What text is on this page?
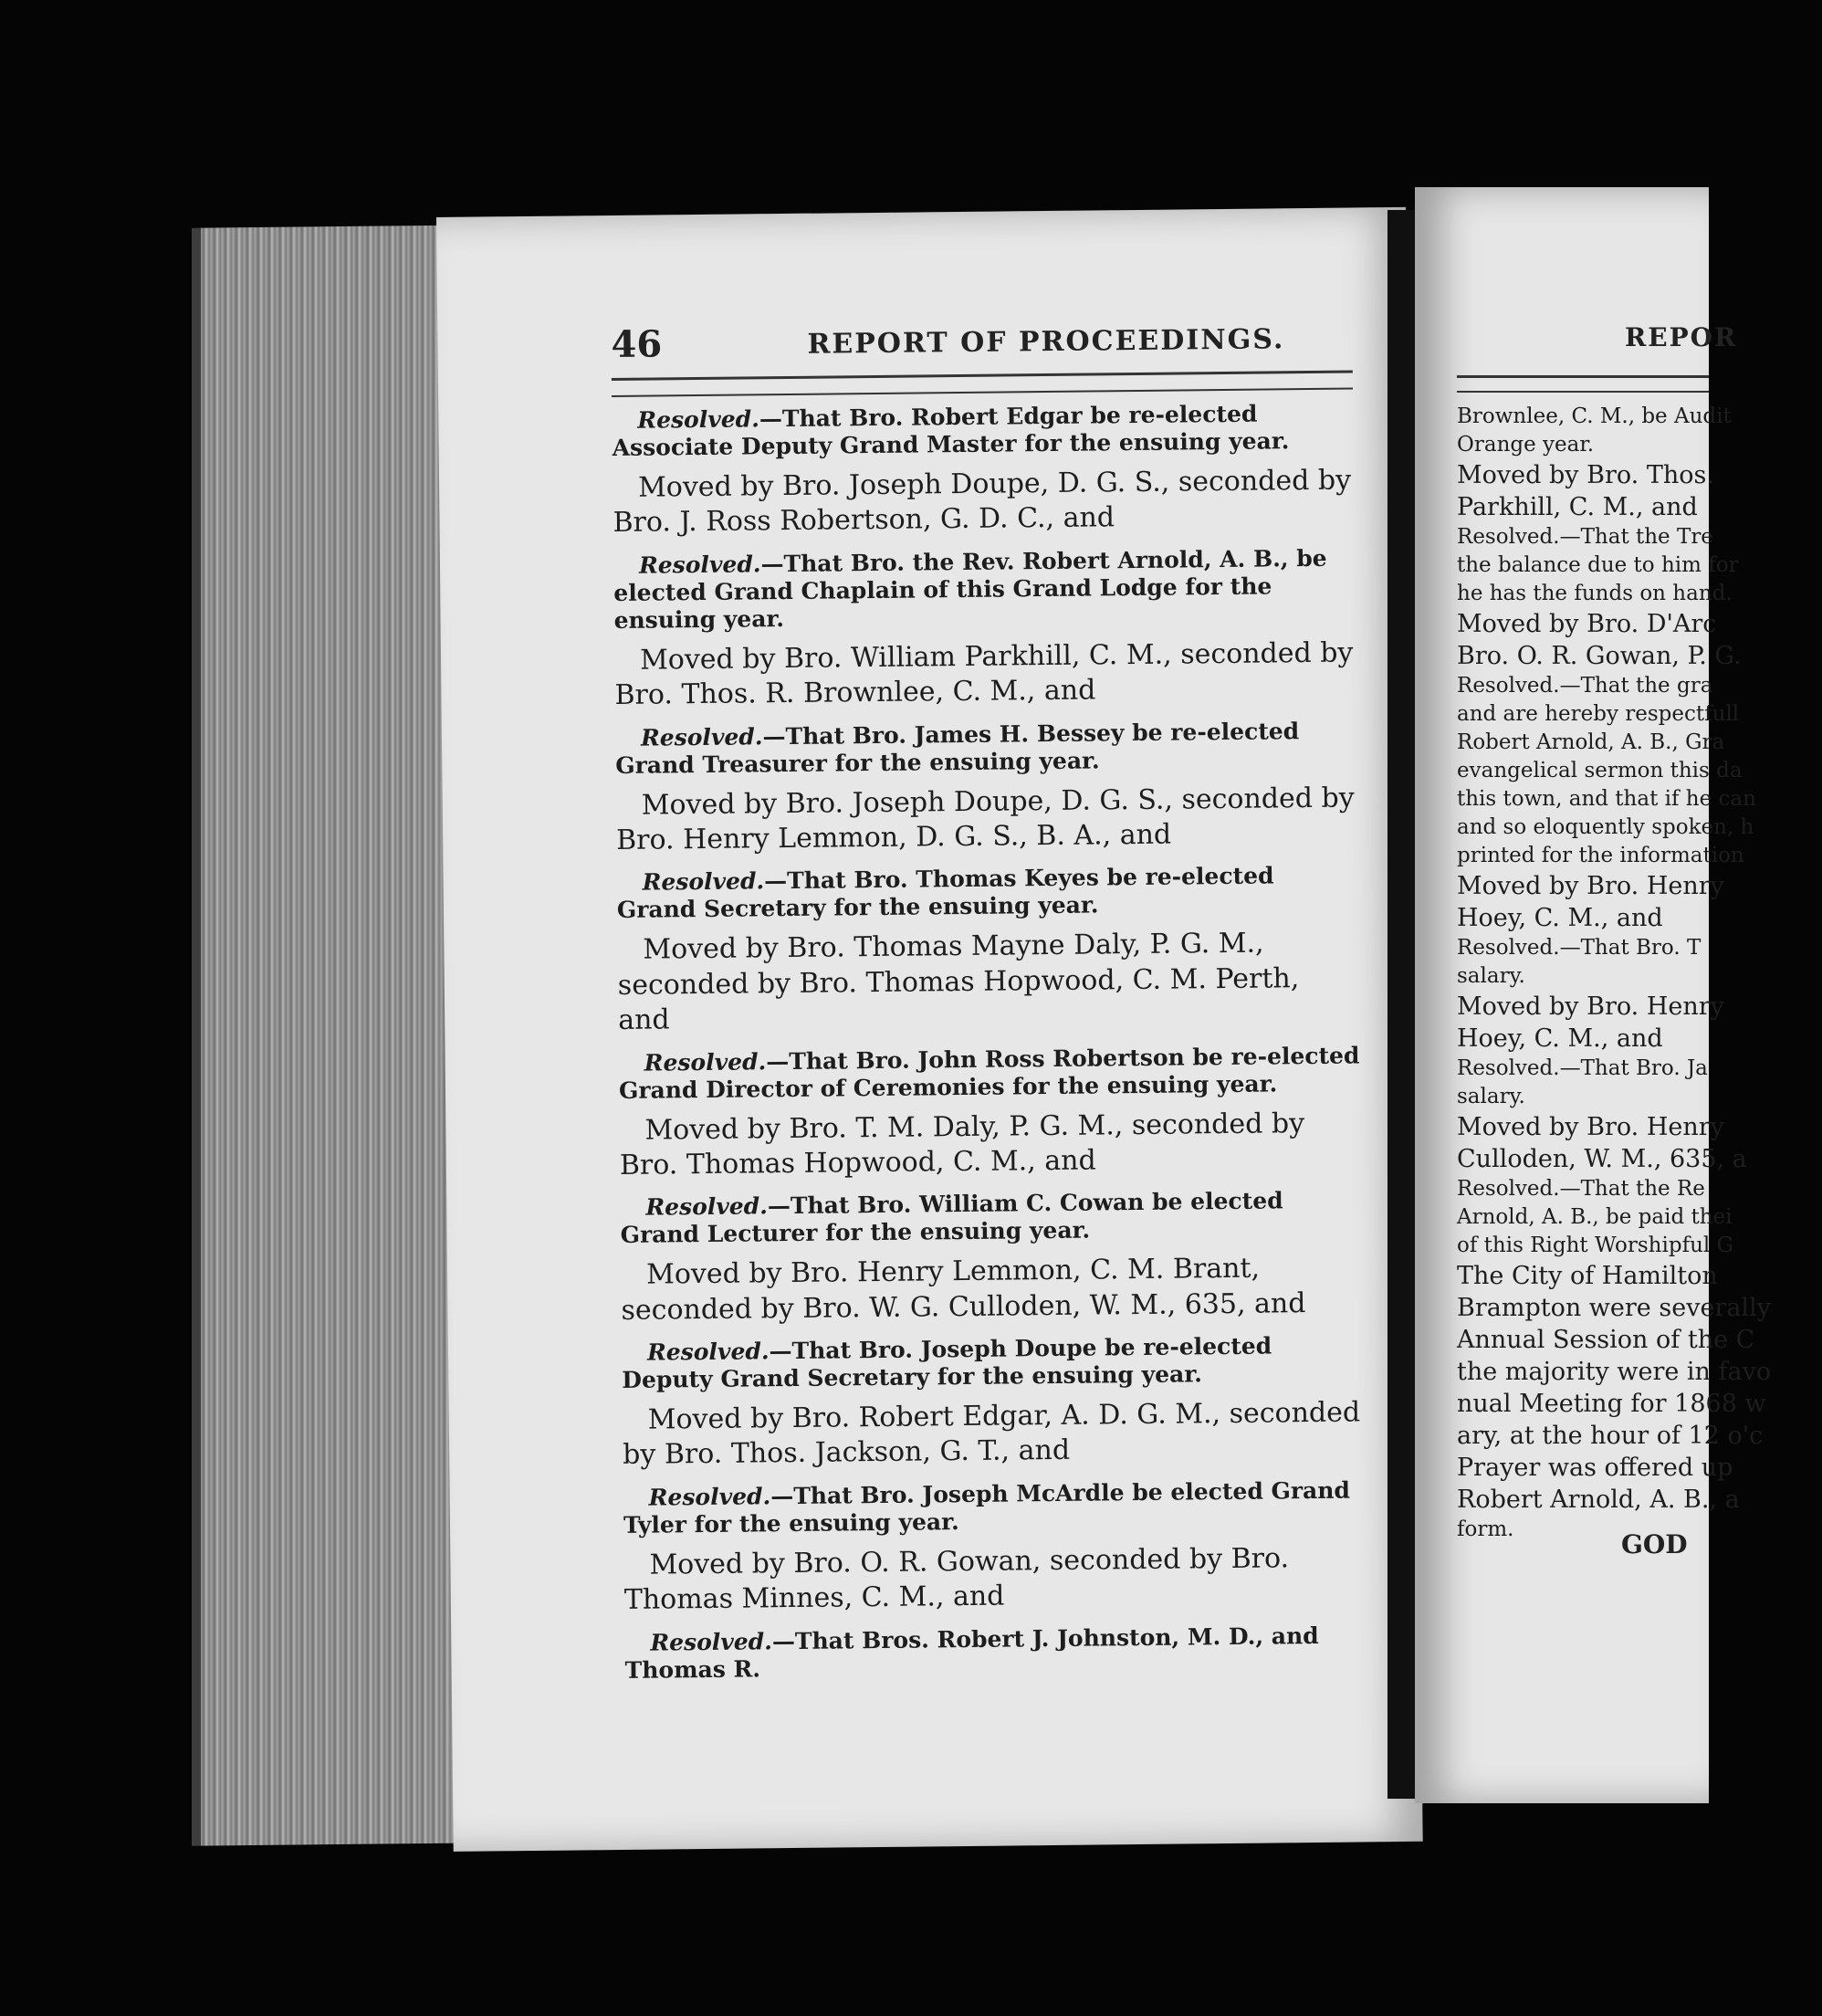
46	REPORT OF PROCEEDINGS.

Resolved.—That Bro. Robert Edgar be re-elected Associate Deputy Grand Master for the ensuing year.

Moved by Bro. Joseph Doupe, D. G. S., seconded by Bro. J. Ross Robertson, G. D. C., and

Resolved.—That Bro. the Rev. Robert Arnold, A. B., be elected Grand Chaplain of this Grand Lodge for the ensuing year.

Moved by Bro. William Parkhill, C. M., seconded by Bro. Thos. R. Brownlee, C. M., and

Resolved.—That Bro. James H. Bessey be re-elected Grand Treasurer for the ensuing year.

Moved by Bro. Joseph Doupe, D. G. S., seconded by Bro. Henry Lemmon, D. G. S., B. A., and

Resolved.—That Bro. Thomas Keyes be re-elected Grand Secretary for the ensuing year.

Moved by Bro. Thomas Mayne Daly, P. G. M., seconded by Bro. Thomas Hopwood, C. M. Perth, and

Resolved.—That Bro. John Ross Robertson be re-elected Grand Director of Ceremonies for the ensuing year.

Moved by Bro. T. M. Daly, P. G. M., seconded by Bro. Thomas Hopwood, C. M., and

Resolved.—That Bro. William C. Cowan be elected Grand Lecturer for the ensuing year.

Moved by Bro. Henry Lemmon, C. M. Brant, seconded by Bro. W. G. Culloden, W. M., 635, and

Resolved.—That Bro. Joseph Doupe be re-elected Deputy Grand Secretary for the ensuing year.

Moved by Bro. Robert Edgar, A. D. G. M., seconded by Bro. Thos. Jackson, G. T., and

Resolved.—That Bro. Joseph McArdle be elected Grand Tyler for the ensuing year.

Moved by Bro. O. R. Gowan, seconded by Bro. Thomas Minnes, C. M., and

Resolved.—That Bros. Robert J. Johnston, M. D., and Thomas R.

REPOR
Brownlee, C. M., be Audit
Orange year.
Moved by Bro. Thos.
Parkhill, C. M., and
Resolved.—That the Tre
the balance due to him for
he has the funds on hand.
Moved by Bro. D'Arc
Bro. O. R. Gowan, P. G.
Resolved.—That the gra
and are hereby respectfull
Robert Arnold, A. B., Gra
evangelical sermon this da
this town, and that if he can
and so eloquently spoken, h
printed for the information
Moved by Bro. Henry
Hoey, C. M., and
Resolved.—That Bro. T
salary.
Moved by Bro. Henry
Hoey, C. M., and
Resolved.—That Bro. Ja
salary.
Moved by Bro. Henry
Culloden, W. M., 635, a
Resolved.—That the Re
Arnold, A. B., be paid thei
of this Right Worshipful G
The City of Hamilton
Brampton were severally
Annual Session of the C
the majority were in favo
nual Meeting for 1868 w
ary, at the hour of 12 o'c
Prayer was offered up
Robert Arnold, A. B., a
form.	GOD
